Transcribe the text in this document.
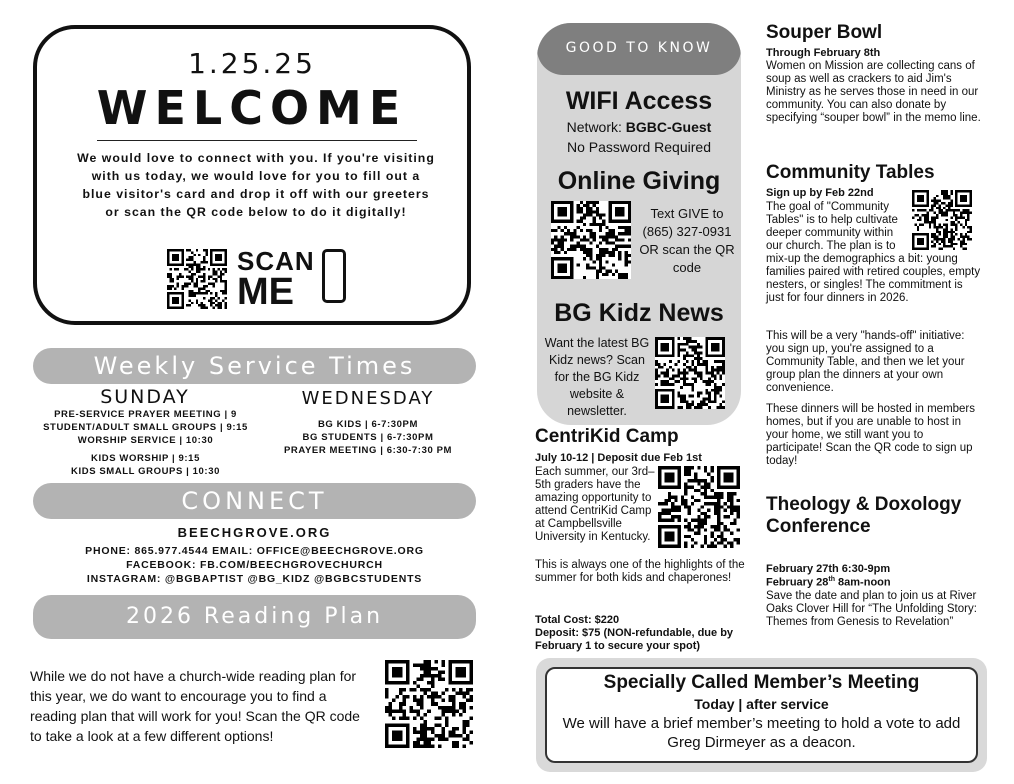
1.25.25
WELCOME
We would love to connect with you. If you're visiting with us today, we would love for you to fill out a blue visitor's card and drop it off with our greeters or scan the QR code below to do it digitally!
SCAN
ME
Weekly Service Times
SUNDAY
PRE-SERVICE PRAYER MEETING | 9
STUDENT/ADULT SMALL GROUPS | 9:15
WORSHIP SERVICE | 10:30
KIDS WORSHIP | 9:15
KIDS SMALL GROUPS | 10:30
WEDNESDAY
BG KIDS | 6-7:30PM
BG STUDENTS | 6-7:30PM
PRAYER MEETING | 6:30-7:30 PM
CONNECT
BEECHGROVE.ORG
PHONE: 865.977.4544 EMAIL: OFFICE@BEECHGROVE.ORG
FACEBOOK: FB.COM/BEECHGROVECHURCH
INSTAGRAM: @BGBAPTIST @BG_KIDZ @BGBCSTUDENTS
2026 Reading Plan
While we do not have a church-wide reading plan for this year, we do want to encourage you to find a reading plan that will work for you! Scan the QR code to take a look at a few different options!
GOOD TO KNOW
WIFI Access
Network: BGBC-Guest
No Password Required
Online Giving
Text GIVE to (865) 327-0931 OR scan the QR code
BG Kidz News
Want the latest BG Kidz news? Scan for the BG Kidz website & newsletter.
CentriKid Camp
July 10-12 | Deposit due Feb 1st
Each summer, our 3rd–5th graders have the amazing opportunity to attend CentriKid Camp at Campbellsville University in Kentucky.
This is always one of the highlights of the summer for both kids and chaperones!
Total Cost: $220
Deposit: $75 (NON-refundable, due by February 1 to secure your spot)
Souper Bowl
Through February 8th
Women on Mission are collecting cans of soup as well as crackers to aid Jim's Ministry as he serves those in need in our community. You can also donate by specifying “souper bowl” in the memo line.
Community Tables
Sign up by Feb 22nd
The goal of "Community Tables" is to help cultivate deeper community within our church. The plan is to
mix-up the demographics a bit: young families paired with retired couples, empty nesters, or singles! The commitment is just for four dinners in 2026.
This will be a very "hands-off" initiative: you sign up, you're assigned to a Community Table, and then we let your group plan the dinners at your own convenience.
These dinners will be hosted in members homes, but if you are unable to host in your home, we still want you to participate! Scan the QR code to sign up today!
Theology & Doxology Conference
February 27th 6:30-9pm
February 28th 8am-noon
Save the date and plan to join us at River Oaks Clover Hill for “The Unfolding Story: Themes from Genesis to Revelation”
Specially Called Member’s Meeting
Today | after service
We will have a brief member’s meeting to hold a vote to add Greg Dirmeyer as a deacon.
